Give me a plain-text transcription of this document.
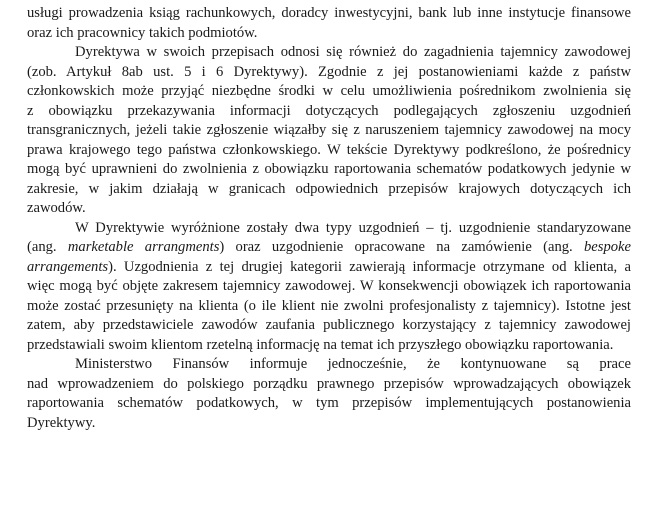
usługi prowadzenia ksiąg rachunkowych, doradcy inwestycyjni, bank lub inne instytucje finansowe
oraz ich pracownicy takich podmiotów.
Dyrektywa w swoich przepisach odnosi się również do zagadnienia tajemnicy zawodowej
(zob. Artykuł 8ab ust. 5 i 6 Dyrektywy). Zgodnie z jej postanowieniami każde z państw
członkowskich może przyjąć niezbędne środki w celu umożliwienia pośrednikom zwolnienia się
z obowiązku przekazywania informacji dotyczących podlegających zgłoszeniu uzgodnień
transgranicznych, jeżeli takie zgłoszenie wiązałby się z naruszeniem tajemnicy zawodowej na mocy
prawa krajowego tego państwa członkowskiego. W tekście Dyrektywy podkreślono, że pośrednicy
mogą być uprawnieni do zwolnienia z obowiązku raportowania schematów podatkowych jedynie w
zakresie, w jakim działają w granicach odpowiednich przepisów krajowych dotyczących ich
zawodów.
W Dyrektywie wyróżnione zostały dwa typy uzgodnień – tj. uzgodnienie standaryzowane
(ang. marketable arrangments) oraz uzgodnienie opracowane na zamówienie (ang. bespoke
arrangements). Uzgodnienia z tej drugiej kategorii zawierają informacje otrzymane od klienta, a
więc mogą być objęte zakresem tajemnicy zawodowej. W konsekwencji obowiązek ich raportowania
może zostać przesunięty na klienta (o ile klient nie zwolni profesjonalisty z tajemnicy). Istotne jest
zatem, aby przedstawiciele zawodów zaufania publicznego korzystający z tajemnicy zawodowej
przedstawiali swoim klientom rzetelną informację na temat ich przyszłego obowiązku raportowania.
Ministerstwo Finansów informuje jednocześnie, że kontynuowane są prace
nad wprowadzeniem do polskiego porządku prawnego przepisów wprowadzających obowiązek
raportowania schematów podatkowych, w tym przepisów implementujących postanowienia
Dyrektywy.
